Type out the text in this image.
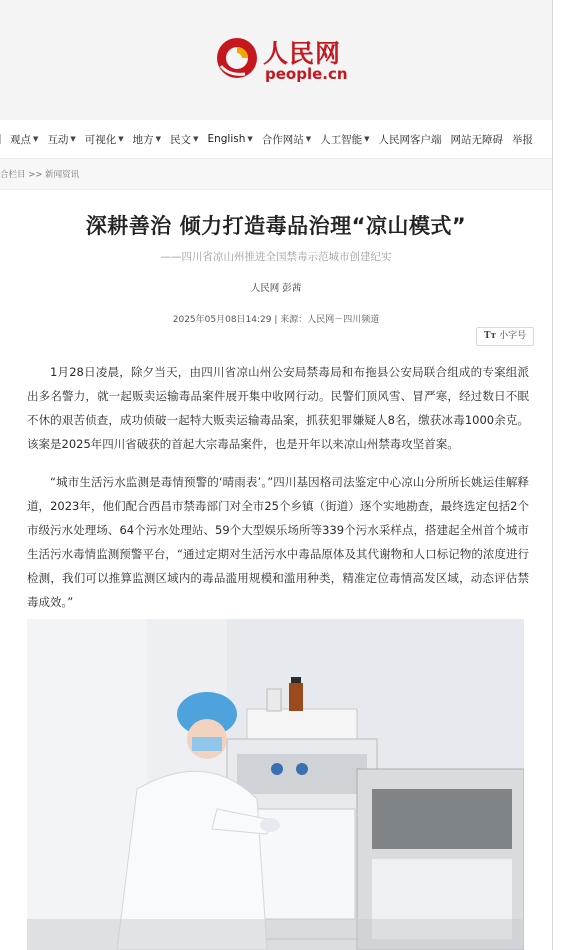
人民网
people.cn
观点 ▼ 互动 ▼ 可视化 ▼ 地方 ▼ 民文 ▼ English ▼ 合作网站 ▼ 人工智能 ▼ 人民网客户端 网站无障碍 举报
合栏目 >> 新闻资讯
深耕善治 倾力打造毒品治理“凉山模式”
——四川省凉山州推进全国禁毒示范城市创建纪实
人民网 彭茜
2025年05月08日14:29 | 来源：人民网－四川频道
Tт 小字号

1月28日凌晨，除夕当天，由四川省凉山州公安局禁毒局和布拖县公安局联合组成的专案组派出多名警力，就一起贩卖运输毒品案件展开集中收网行动。民警们顶风雪、冒严寒，经过数日不眠不休的艰苦侦查，成功侦破一起特大贩卖运输毒品案，抓获犯罪嫌疑人8名，缴获冰毒1000余克。该案是2025年四川省破获的首起大宗毒品案件，也是开年以来凉山州禁毒攻坚首案。

“城市生活污水监测是毒情预警的‘晴雨表’。”四川基因格司法鉴定中心凉山分所所长姚运佳解释道，2023年，他们配合西昌市禁毒部门对全市25个乡镇（街道）逐个实地勘查，最终选定包括2个市级污水处理场、64个污水处理站、59个大型娱乐场所等339个污水采样点，搭建起全州首个城市生活污水毒情监测预警平台，“通过定期对生活污水中毒品原体及其代谢物和人口标记物的浓度进行检测，我们可以推算监测区域内的毒品滥用规模和滥用种类，精准定位毒情高发区域，动态评估禁毒成效。”
